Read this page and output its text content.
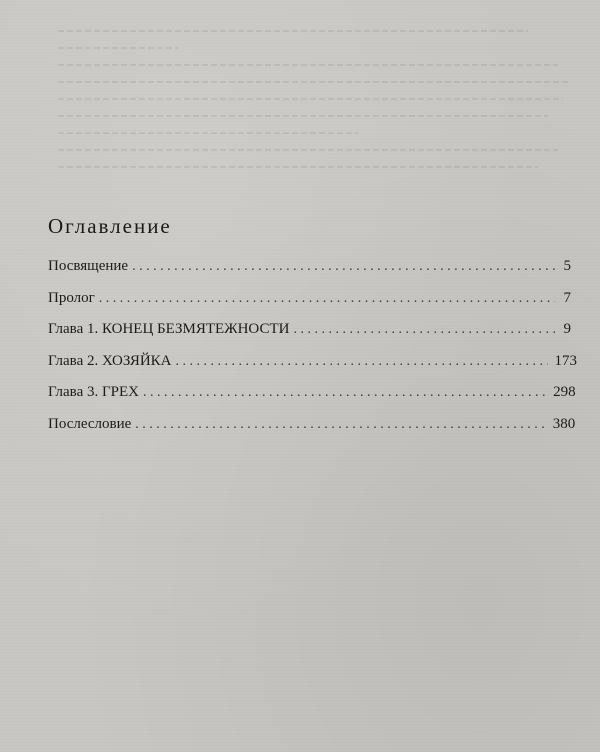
Оглавление
Посвящение . . .	5
Пролог . . .	7
Глава 1. КОНЕЦ БЕЗМЯТЕЖНОСТИ . . .	9
Глава 2. ХОЗЯЙКА . . .	173
Глава 3. ГРЕХ . . .	298
Послесловие . . .	380
